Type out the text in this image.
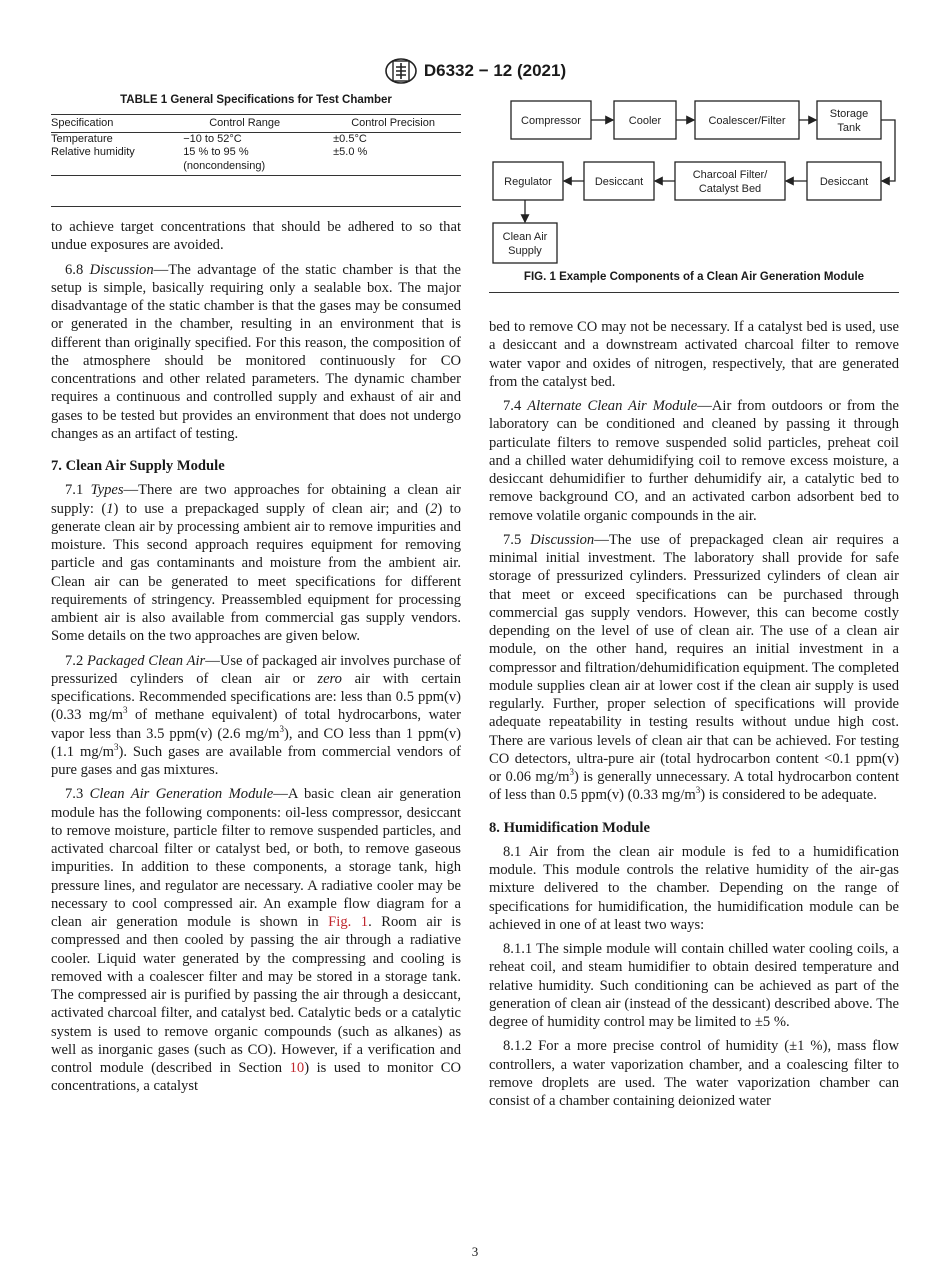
D6332 − 12 (2021)
TABLE 1 General Specifications for Test Chamber
Specification	Control Range	Control Precision
Temperature	−10 to 52°C	±0.5°C
Relative humidity	15 % to 95 %	±5.0 %
	(noncondensing)	

to achieve target concentrations that should be adhered to so that undue exposures are avoided.

6.8 Discussion—The advantage of the static chamber is that the setup is simple, basically requiring only a sealable box. The major disadvantage of the static chamber is that the gases may be consumed or generated in the chamber, resulting in an environment that is different than originally specified. For this reason, the composition of the atmosphere should be monitored continuously for CO concentrations and other related parameters. The dynamic chamber requires a continuous and controlled supply and exhaust of air and gases to be tested but provides an environment that does not undergo changes as an artifact of testing.

7. Clean Air Supply Module

7.1 Types—There are two approaches for obtaining a clean air supply: (1) to use a prepackaged supply of clean air; and (2) to generate clean air by processing ambient air to remove impurities and moisture. This second approach requires equipment for removing particle and gas contaminants and moisture from the ambient air. Clean air can be generated to meet specifications for different requirements of stringency. Preassembled equipment for processing ambient air is also available from commercial gas supply vendors. Some details on the two approaches are given below.

7.2 Packaged Clean Air—Use of packaged air involves purchase of pressurized cylinders of clean air or zero air with certain specifications. Recommended specifications are: less than 0.5 ppm(v) (0.33 $mg/m^3$ of methane equivalent) of total hydrocarbons, water vapor less than 3.5 ppm(v) (2.6 $mg/m^3$), and CO less than 1 ppm(v) (1.1 $mg/m^3$). Such gases are available from commercial vendors of pure gases and gas mixtures.

7.3 Clean Air Generation Module—A basic clean air generation module has the following components: oil-less compressor, desiccant to remove moisture, particle filter to remove suspended particles, and activated charcoal filter or catalyst bed, or both, to remove gaseous impurities. In addition to these components, a storage tank, high pressure lines, and regulator are necessary. A radiative cooler may be necessary to cool compressed air. An example flow diagram for a clean air generation module is shown in Fig. 1. Room air is compressed and then cooled by passing the air through a radiative cooler. Liquid water generated by the compressing and cooling is removed with a coalescer filter and may be stored in a storage tank. The compressed air is purified by passing the air through a desiccant, activated charcoal filter, and catalyst bed. Catalytic beds or a catalytic system is used to remove organic compounds (such as alkanes) as well as inorganic gases (such as CO). However, if a verification and control module (described in Section 10) is used to monitor CO concentrations, a catalyst

Compressor	Cooler	Coalescer/Filter
Storage
Tank
Regulator	Desiccant
Charcoal Filter/
Catalyst Bed
Desiccant
Clean Air
Supply
FIG. 1 Example Components of a Clean Air Generation Module

bed to remove CO may not be necessary. If a catalyst bed is used, use a desiccant and a downstream activated charcoal filter to remove water vapor and oxides of nitrogen, respectively, that are generated from the catalyst bed.

7.4 Alternate Clean Air Module—Air from outdoors or from the laboratory can be conditioned and cleaned by passing it through particulate filters to remove suspended solid particles, preheat coil and a chilled water dehumidifying coil to remove excess moisture, a desiccant dehumidifier to further dehumidify air, a catalytic bed to remove background CO, and an activated carbon adsorbent bed to remove volatile organic compounds in the air.

7.5 Discussion—The use of prepackaged clean air requires a minimal initial investment. The laboratory shall provide for safe storage of pressurized cylinders. Pressurized cylinders of clean air that meet or exceed specifications can be purchased through commercial gas supply vendors. However, this can become costly depending on the level of use of clean air. The use of a clean air module, on the other hand, requires an initial investment in a compressor and filtration/dehumidification equipment. The completed module supplies clean air at lower cost if the clean air supply is used regularly. Further, proper selection of specifications will provide adequate repeatability in testing results without undue high cost. There are various levels of clean air that can be achieved. For testing CO detectors, ultra-pure air (total hydrocarbon content <0.1 ppm(v) or 0.06 $mg/m^3$) is generally unnecessary. A total hydrocarbon content of less than 0.5 ppm(v) (0.33 $mg/m^3$) is considered to be adequate.

8. Humidification Module

8.1 Air from the clean air module is fed to a humidification module. This module controls the relative humidity of the air-gas mixture delivered to the chamber. Depending on the range of specifications for humidification, the humidification module can be achieved in one of at least two ways:

8.1.1 The simple module will contain chilled water cooling coils, a reheat coil, and steam humidifier to obtain desired temperature and relative humidity. Such conditioning can be achieved as part of the generation of clean air (instead of the dessicant) described above. The degree of humidity control may be limited to ±5 %.

8.1.2 For a more precise control of humidity (±1 %), mass flow controllers, a water vaporization chamber, and a coalescing filter to remove droplets are used. The water vaporization chamber can consist of a chamber containing deionized water

3
